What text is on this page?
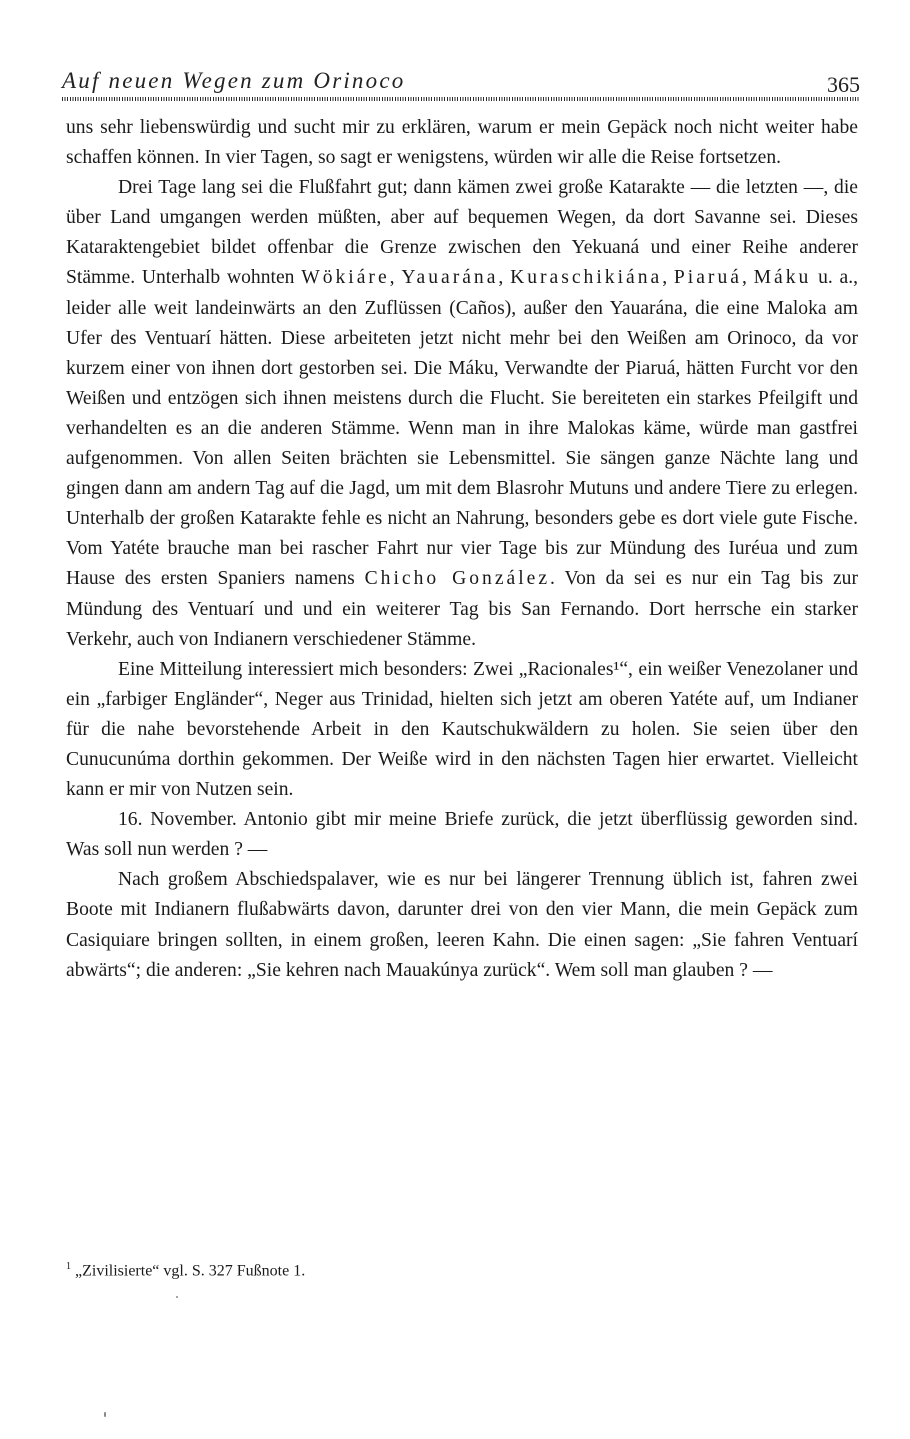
Auf neuen Wegen zum Orinoco	365

uns sehr liebenswürdig und sucht mir zu erklären, warum er mein Gepäck noch nicht weiter habe schaffen können. In vier Tagen, so sagt er wenigstens, würden wir alle die Reise fortsetzen.

Drei Tage lang sei die Flußfahrt gut; dann kämen zwei große Katarakte — die letzten —, die über Land umgangen werden müßten, aber auf bequemen Wegen, da dort Savanne sei. Dieses Kataraktengebiet bildet offenbar die Grenze zwischen den Yekuaná und einer Reihe anderer Stämme. Unterhalb wohnten Wökiáre, Yauarána, Kuraschikiána, Piaruá, Máku u. a., leider alle weit landeinwärts an den Zuflüssen (Caños), außer den Yauarána, die eine Maloka am Ufer des Ventuarí hätten. Diese arbeiteten jetzt nicht mehr bei den Weißen am Orinoco, da vor kurzem einer von ihnen dort gestorben sei. Die Máku, Verwandte der Piaruá, hätten Furcht vor den Weißen und entzögen sich ihnen meistens durch die Flucht. Sie bereiteten ein starkes Pfeilgift und verhandelten es an die anderen Stämme. Wenn man in ihre Malokas käme, würde man gastfrei aufgenommen. Von allen Seiten brächten sie Lebensmittel. Sie sängen ganze Nächte lang und gingen dann am andern Tag auf die Jagd, um mit dem Blasrohr Mutuns und andere Tiere zu erlegen. Unterhalb der großen Katarakte fehle es nicht an Nahrung, besonders gebe es dort viele gute Fische. Vom Yatéte brauche man bei rascher Fahrt nur vier Tage bis zur Mündung des Iuréua und zum Hause des ersten Spaniers namens Chicho González. Von da sei es nur ein Tag bis zur Mündung des Ventuarí und und ein weiterer Tag bis San Fernando. Dort herrsche ein starker Verkehr, auch von Indianern verschiedener Stämme.

Eine Mitteilung interessiert mich besonders: Zwei „Racionales¹“, ein weißer Venezolaner und ein „farbiger Engländer“, Neger aus Trinidad, hielten sich jetzt am oberen Yatéte auf, um Indianer für die nahe bevorstehende Arbeit in den Kautschukwäldern zu holen. Sie seien über den Cunucunúma dorthin gekommen. Der Weiße wird in den nächsten Tagen hier erwartet. Vielleicht kann er mir von Nutzen sein.

16. November. Antonio gibt mir meine Briefe zurück, die jetzt überflüssig geworden sind. Was soll nun werden ? —

Nach großem Abschiedspalaver, wie es nur bei längerer Trennung üblich ist, fahren zwei Boote mit Indianern flußabwärts davon, darunter drei von den vier Mann, die mein Gepäck zum Casiquiare bringen sollten, in einem großen, leeren Kahn. Die einen sagen: „Sie fahren Ventuarí abwärts“; die anderen: „Sie kehren nach Mauakúnya zurück“. Wem soll man glauben ? —

$^1$ „Zivilisierte“ vgl. S. 327 Fußnote 1.
